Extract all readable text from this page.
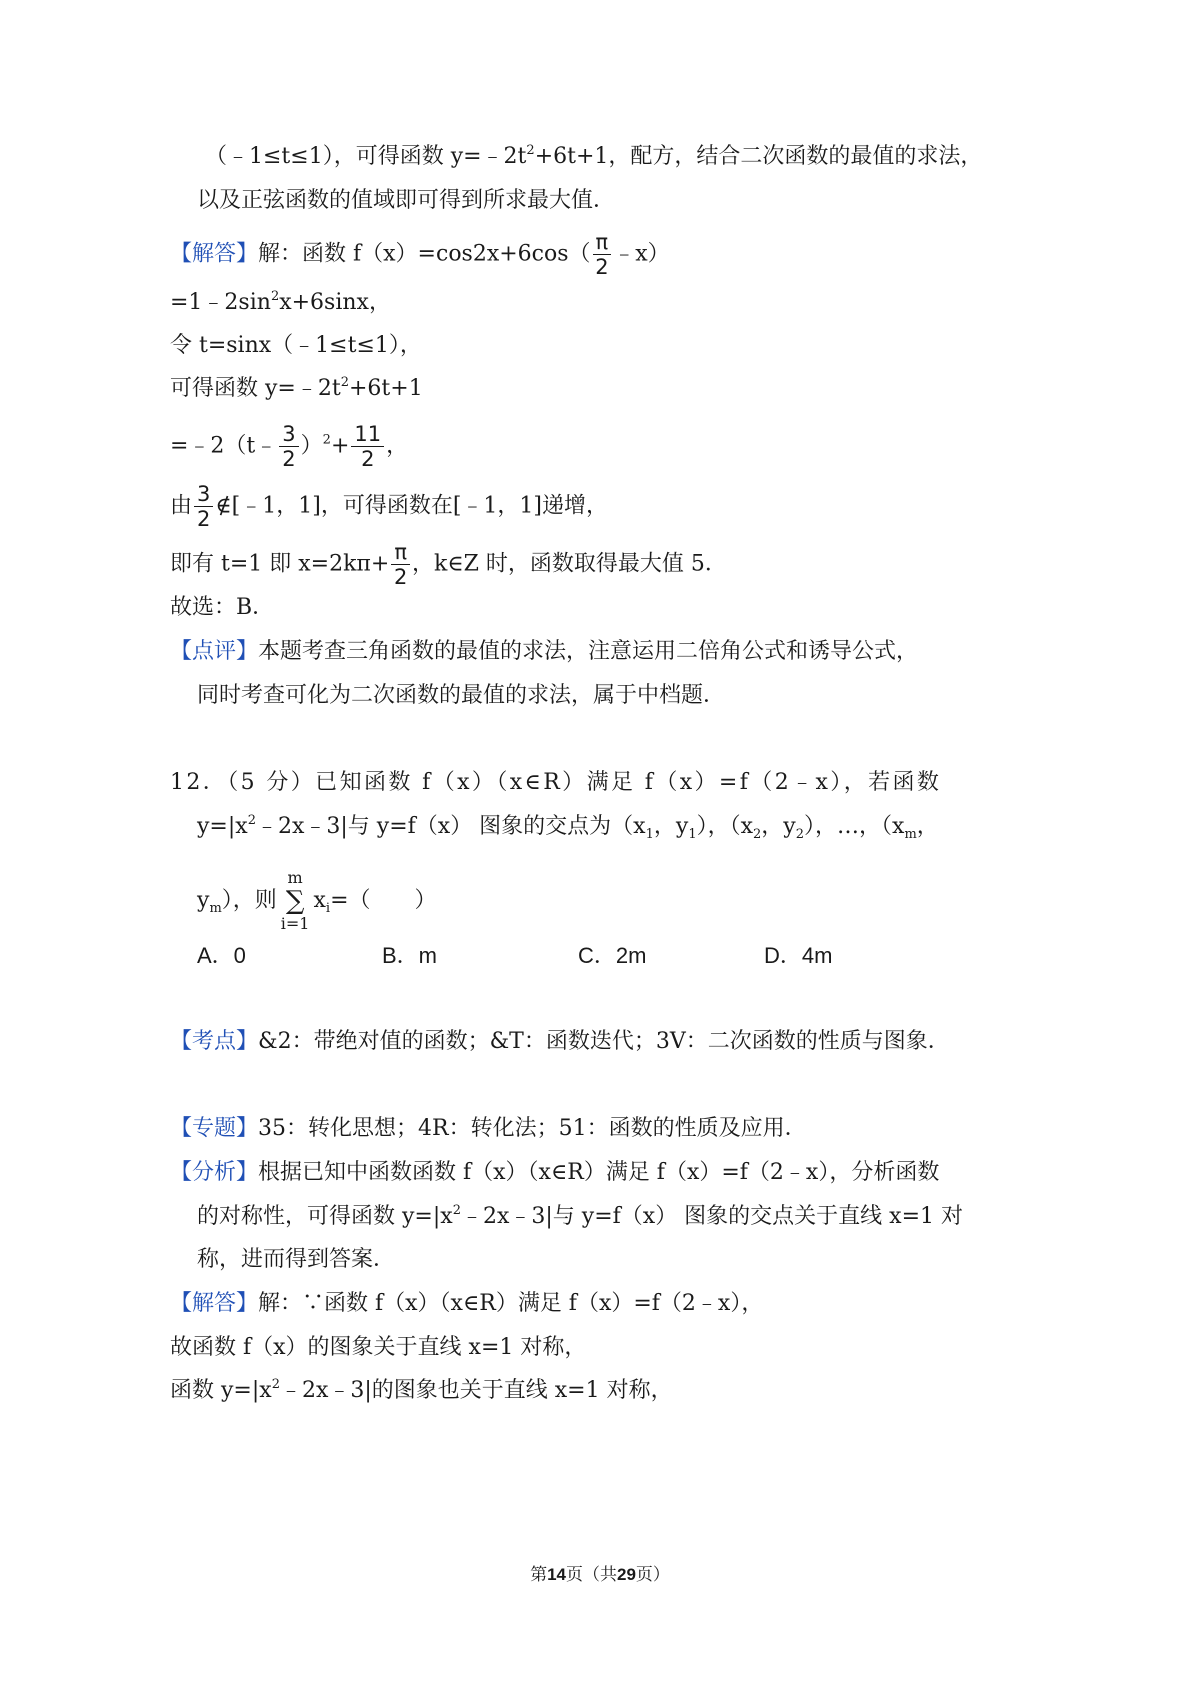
（﹣1≤t≤1），可得函数 $y=﹣2t^2+6t+1$，配方，结合二次函数的最值的求法，
以及正弦函数的值域即可得到所求最大值．
【解答】解：函数 $f(x)=\cos 2x+6\cos( \frac{\pi}{2}$ ﹣x）
$=1﹣2\sin^2x+6\sin x$，
令 t=sinx（﹣1≤t≤1），
可得函数 $y=﹣2t^2+6t+1$
=﹣2（t﹣ $\frac{3}{2} )^2+ \frac{11}{2}$ ，
由 $\frac{3}{2}$ ∉[﹣1，1]，可得函数在[﹣1，1]递增，
即有 t=1 即 $x=2k\pi+ \frac{\pi}{2}$ ，k∈Z 时，函数取得最大值 5．
故选：B．
【点评】本题考查三角函数的最值的求法，注意运用二倍角公式和诱导公式，
同时考查可化为二次函数的最值的求法，属于中档题．
12．（5 分）已知函数 f（x）（x∈R）满足 f（x）=f（2﹣x），若函数
$y=|x^2﹣2x﹣3|$与 y=f（x） 图象的交点为（$x_1$，$y_1$），（$x_2$，$y_2$），…，（$x_m$，
$y_m$），则
m
∑
i=1
$x_i=$（　　）
A．0	B．m	C．2m	D．4m
【考点】&2：带绝对值的函数；&T：函数迭代；3V：二次函数的性质与图象．
【专题】35：转化思想；4R：转化法；51：函数的性质及应用．
【分析】根据已知中函数函数 f（x）（x∈R）满足 f（x）=f（2﹣x），分析函数
的对称性，可得函数 $y=|x^2﹣2x﹣3|$与 y=f（x） 图象的交点关于直线 x=1 对
称，进而得到答案．
【解答】解：∵函数 f（x）（x∈R）满足 f（x）=f（2﹣x），
故函数 f（x）的图象关于直线 x=1 对称，
函数 $y=|x^2﹣2x﹣3|$的图象也关于直线 x=1 对称，
第14页（共29页）
